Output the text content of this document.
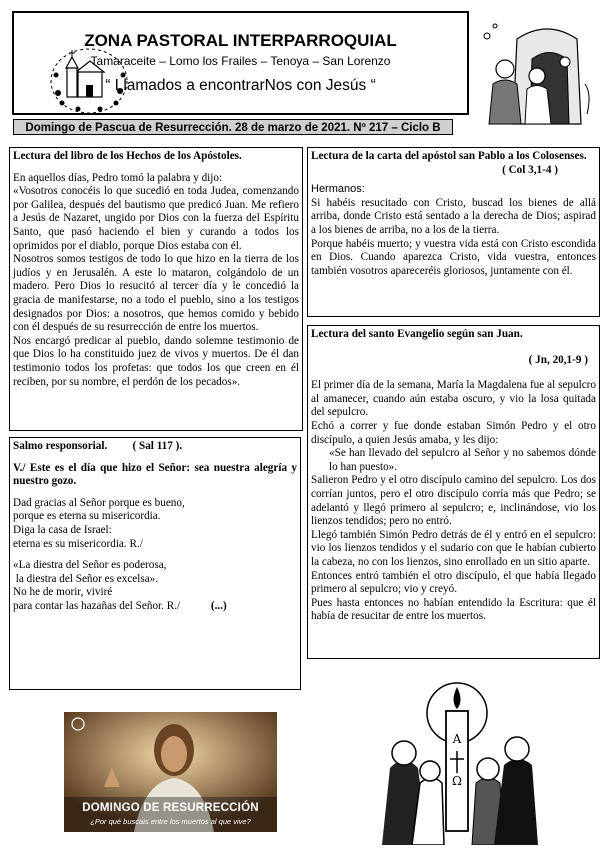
ZONA PASTORAL INTERPARROQUIAL
Tamaraceite – Lomo los Frailes – Tenoya – San Lorenzo
“ Llamados a encontrarNos con Jesús “
Domingo de Pascua de Resurrección. 28 de marzo de 2021. Nº 217 – Ciclo B

Lectura del libro de los Hechos de los Apóstoles.

En aquellos días, Pedro tomó la palabra y dijo:

«Vosotros conocéis lo que sucedió en toda Judea, comenzando por Galilea, después del bautismo que predicó Juan. Me refiero a Jesús de Nazaret, ungido por Dios con la fuerza del Espíritu Santo, que pasó haciendo el bien y curando a todos los oprimidos por el diablo, porque Dios estaba con él.

Nosotros somos testigos de todo lo que hizo en la tierra de los judíos y en Jerusalén. A este lo mataron, colgándolo de un madero. Pero Dios lo resucitó al tercer día y le concedió la gracia de manifestarse, no a todo el pueblo, sino a los testigos designados por Dios: a nosotros, que hemos comido y bebido con él después de su resurrección de entre los muertos.

Nos encargó predicar al pueblo, dando solemne testimonio de que Dios lo ha constituido juez de vivos y muertos. De él dan testimonio todos los profetas: que todos los que creen en él reciben, por su nombre, el perdón de los pecados».

Salmo responsorial. ( Sal 117 ).

V./ Este es el día que hizo el Señor: sea nuestra alegría y nuestro gozo.

Dad gracias al Señor porque es bueno,

porque es eterna su misericordia.

Diga la casa de Israel:

eterna es su misericordia. R./

«La diestra del Señor es poderosa,

la diestra del Señor es excelsa».

No he de morir, viviré

para contar las hazañas del Señor. R./	(...)

Lectura de la carta del apóstol san Pablo a los Colosenses.

( Col 3,1-4 )

Hermanos:

Si habéis resucitado con Cristo, buscad los bienes de allá arriba, donde Cristo está sentado a la derecha de Dios; aspirad a los bienes de arriba, no a los de la tierra.

Porque habéis muerto; y vuestra vida está con Cristo escondida en Dios. Cuando aparezca Cristo, vida vuestra, entonces también vosotros apareceréis gloriosos, juntamente con él.

Lectura del santo Evangelio según san Juan.

( Jn, 20,1-9 )

El primer día de la semana, María la Magdalena fue al sepulcro al amanecer, cuando aún estaba oscuro, y vio la losa quitada del sepulcro.

Echó a correr y fue donde estaban Simón Pedro y el otro discípulo, a quien Jesús amaba, y les dijo:

«Se han llevado del sepulcro al Señor y no sabemos dónde lo han puesto».

Salieron Pedro y el otro discípulo camino del sepulcro. Los dos corrían juntos, pero el otro discípulo corría más que Pedro; se adelantó y llegó primero al sepulcro; e, inclinándose, vio los lienzos tendidos; pero no entró.

Llegó también Simón Pedro detrás de él y entró en el sepulcro: vio los lienzos tendidos y el sudario con que le habían cubierto la cabeza, no con los lienzos, sino enrollado en un sitio aparte.

Entonces entró también el otro discípulo, el que había llegado primero al sepulcro; vio y creyó.

Pues hasta entonces no habían entendido la Escritura: que él había de resucitar de entre los muertos.

DOMINGO DE RESURRECCIÓN
¿Por qué buscais entre los muertos al que vive?
A
Ω
